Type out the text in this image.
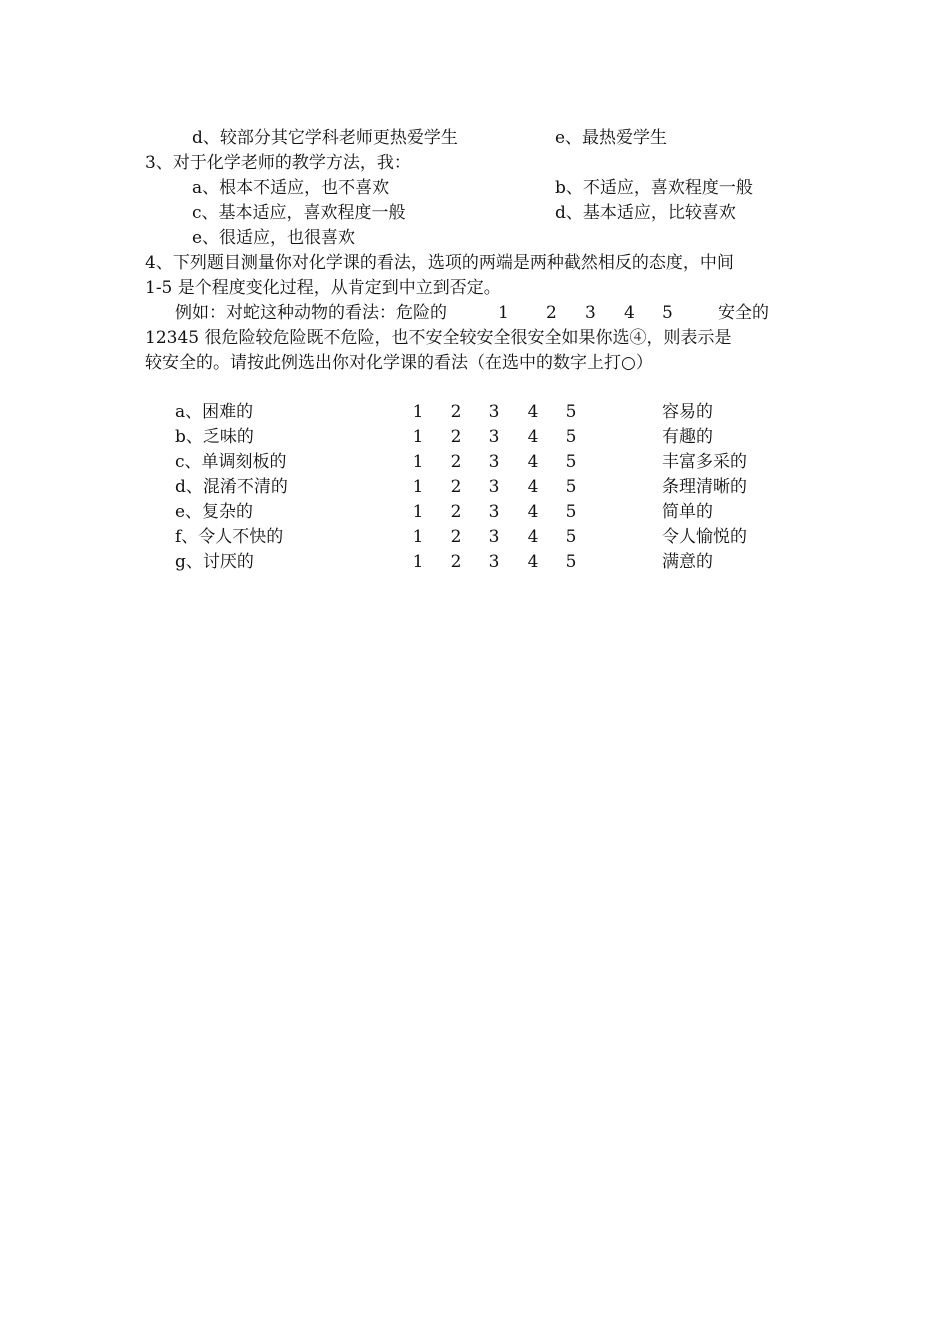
d、较部分其它学科老师更热爱学生	e、最热爱学生
3、对于化学老师的教学方法，我：
a、根本不适应，也不喜欢	b、不适应，喜欢程度一般
c、基本适应，喜欢程度一般	d、基本适应，比较喜欢
e、很适应，也很喜欢
4、下列题目测量你对化学课的看法，选项的两端是两种截然相反的态度，中间
1-5 是个程度变化过程，从肯定到中立到否定。
例如：对蛇这种动物的看法：危险的	1 2 3 4 5	安全的
12345 很危险较危险既不危险，也不安全较安全很安全如果你选④，则表示是
较安全的。请按此例选出你对化学课的看法（在选中的数字上打○）
a、困难的	1 2 3 4 5	容易的
b、乏味的	1 2 3 4 5	有趣的
c、单调刻板的	1 2 3 4 5	丰富多采的
d、混淆不清的	1 2 3 4 5	条理清晰的
e、复杂的	1 2 3 4 5	简单的
f、令人不快的	1 2 3 4 5	令人愉悦的
g、讨厌的	1 2 3 4 5	满意的
